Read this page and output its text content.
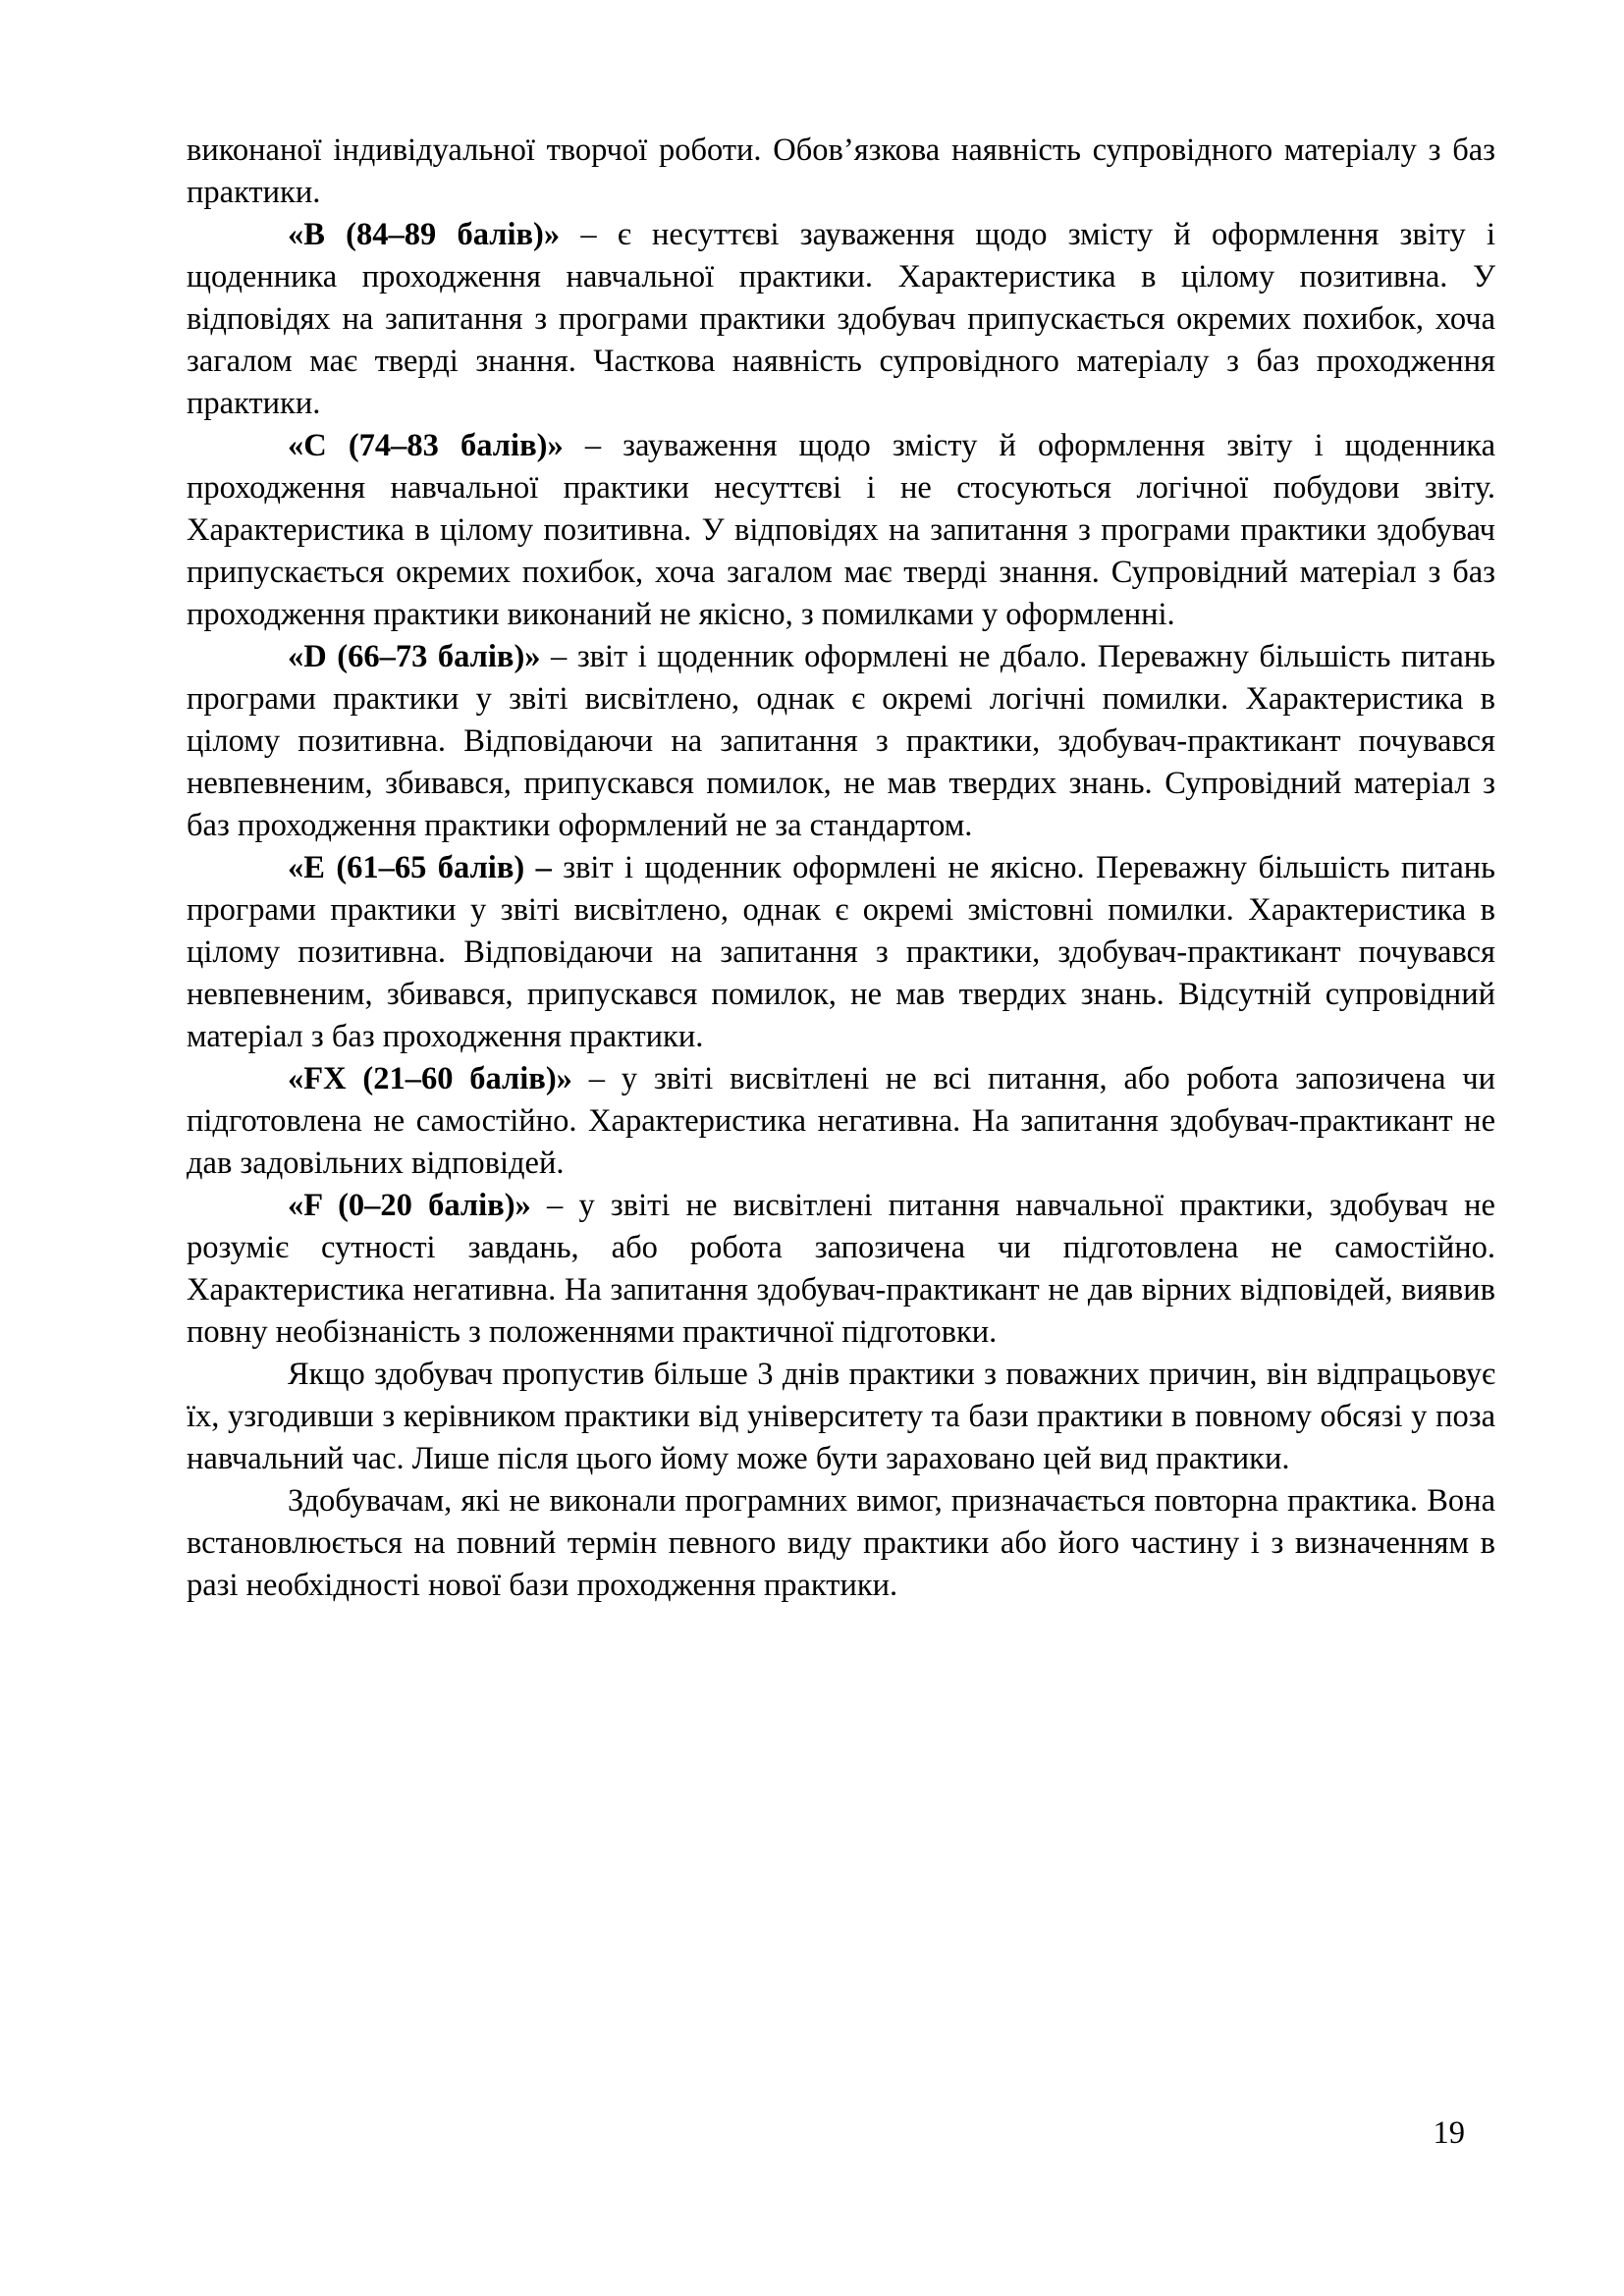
виконаної індивідуальної творчої роботи. Обов’язкова наявність супровідного матеріалу з баз практики.

«В (84–89 балів)» – є несуттєві зауваження щодо змісту й оформлення звіту і щоденника проходження навчальної практики. Характеристика в цілому позитивна. У відповідях на запитання з програми практики здобувач припускається окремих похибок, хоча загалом має тверді знання. Часткова наявність супровідного матеріалу з баз проходження практики.

«С (74–83 балів)» – зауваження щодо змісту й оформлення звіту і щоденника проходження навчальної практики несуттєві і не стосуються логічної побудови звіту. Характеристика в цілому позитивна. У відповідях на запитання з програми практики здобувач припускається окремих похибок, хоча загалом має тверді знання. Супровідний матеріал з баз проходження практики виконаний не якісно, з помилками у оформленні.

«D (66–73 балів)» – звіт і щоденник оформлені не дбало. Переважну більшість питань програми практики у звіті висвітлено, однак є окремі логічні помилки. Характеристика в цілому позитивна. Відповідаючи на запитання з практики, здобувач-практикант почувався невпевненим, збивався, припускався помилок, не мав твердих знань. Супровідний матеріал з баз проходження практики оформлений не за стандартом.

«Е (61–65 балів) – звіт і щоденник оформлені не якісно. Переважну більшість питань програми практики у звіті висвітлено, однак є окремі змістовні помилки. Характеристика в цілому позитивна. Відповідаючи на запитання з практики, здобувач-практикант почувався невпевненим, збивався, припускався помилок, не мав твердих знань. Відсутній супровідний матеріал з баз проходження практики.

«FX (21–60 балів)» – у звіті висвітлені не всі питання, або робота запозичена чи підготовлена не самостійно. Характеристика негативна. На запитання здобувач-практикант не дав задовільних відповідей.

«F (0–20 балів)» – у звіті не висвітлені питання навчальної практики, здобувач не розуміє сутності завдань, або робота запозичена чи підготовлена не самостійно. Характеристика негативна. На запитання здобувач-практикант не дав вірних відповідей, виявив повну необізнаність з положеннями практичної підготовки.

Якщо здобувач пропустив більше 3 днів практики з поважних причин, він відпрацьовує їх, узгодивши з керівником практики від університету та бази практики в повному обсязі у поза навчальний час. Лише після цього йому може бути зараховано цей вид практики.

Здобувачам, які не виконали програмних вимог, призначається повторна практика. Вона встановлюється на повний термін певного виду практики або його частину і з визначенням в разі необхідності нової бази проходження практики.

19
